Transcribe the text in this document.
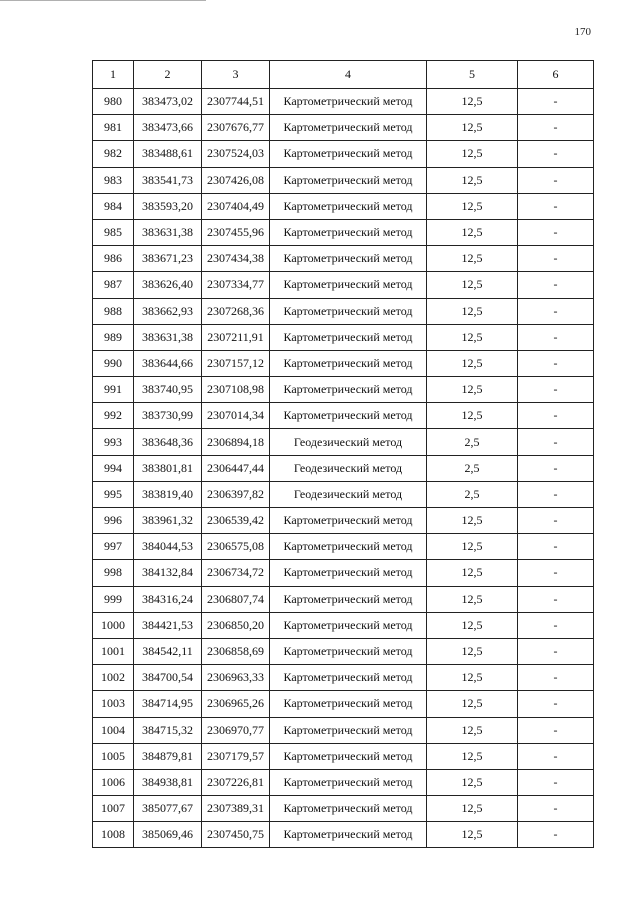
170
1	2	3	4	5	6
980	383473,02	2307744,51	Картометрический метод	12,5	-
981	383473,66	2307676,77	Картометрический метод	12,5	-
982	383488,61	2307524,03	Картометрический метод	12,5	-
983	383541,73	2307426,08	Картометрический метод	12,5	-
984	383593,20	2307404,49	Картометрический метод	12,5	-
985	383631,38	2307455,96	Картометрический метод	12,5	-
986	383671,23	2307434,38	Картометрический метод	12,5	-
987	383626,40	2307334,77	Картометрический метод	12,5	-
988	383662,93	2307268,36	Картометрический метод	12,5	-
989	383631,38	2307211,91	Картометрический метод	12,5	-
990	383644,66	2307157,12	Картометрический метод	12,5	-
991	383740,95	2307108,98	Картометрический метод	12,5	-
992	383730,99	2307014,34	Картометрический метод	12,5	-
993	383648,36	2306894,18	Геодезический метод	2,5	-
994	383801,81	2306447,44	Геодезический метод	2,5	-
995	383819,40	2306397,82	Геодезический метод	2,5	-
996	383961,32	2306539,42	Картометрический метод	12,5	-
997	384044,53	2306575,08	Картометрический метод	12,5	-
998	384132,84	2306734,72	Картометрический метод	12,5	-
999	384316,24	2306807,74	Картометрический метод	12,5	-
1000	384421,53	2306850,20	Картометрический метод	12,5	-
1001	384542,11	2306858,69	Картометрический метод	12,5	-
1002	384700,54	2306963,33	Картометрический метод	12,5	-
1003	384714,95	2306965,26	Картометрический метод	12,5	-
1004	384715,32	2306970,77	Картометрический метод	12,5	-
1005	384879,81	2307179,57	Картометрический метод	12,5	-
1006	384938,81	2307226,81	Картометрический метод	12,5	-
1007	385077,67	2307389,31	Картометрический метод	12,5	-
1008	385069,46	2307450,75	Картометрический метод	12,5	-
